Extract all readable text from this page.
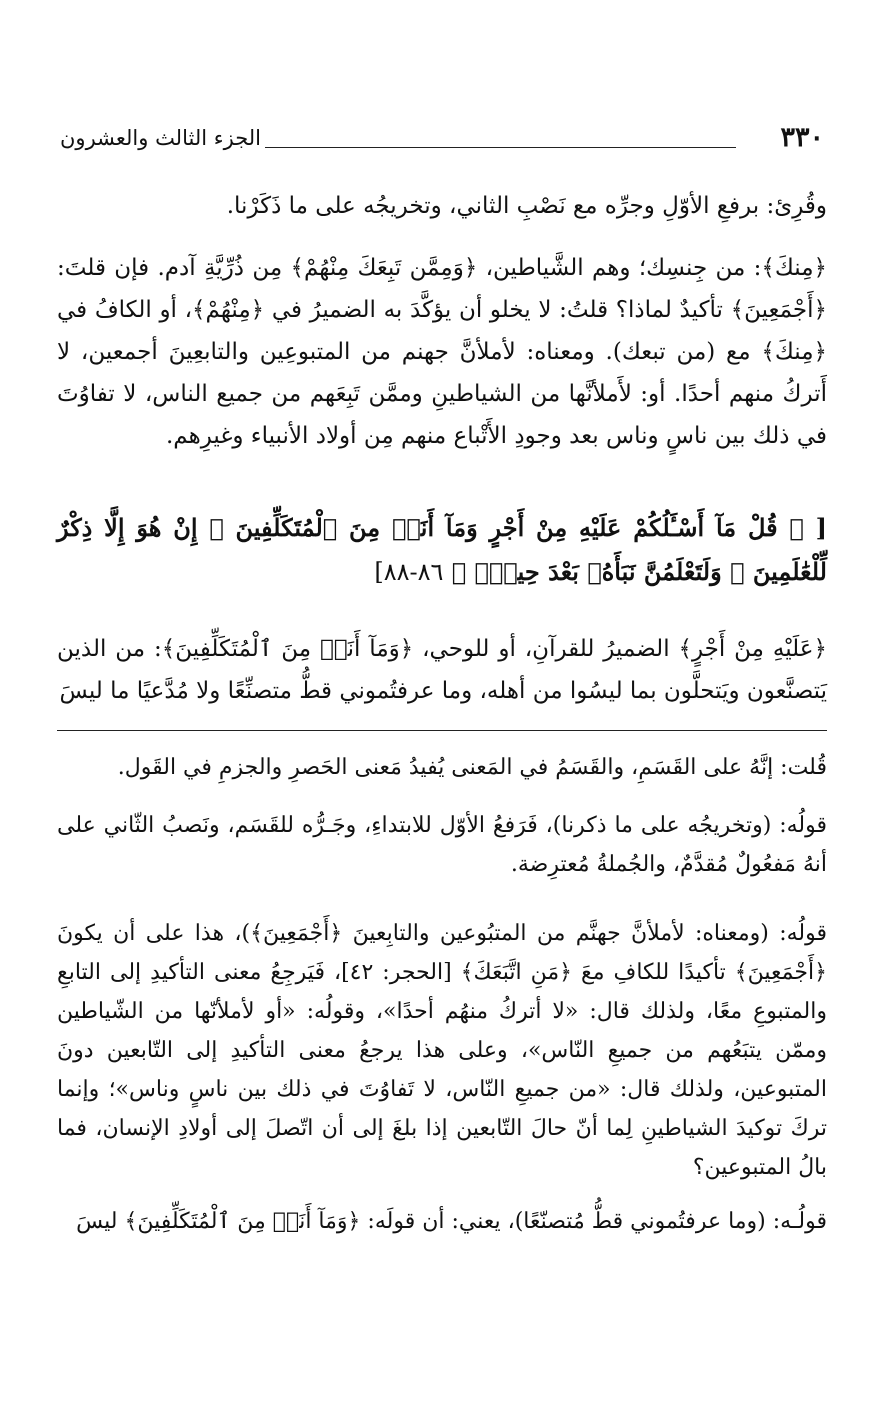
٣٣٠
الجزء الثالث والعشرون
وقُرِئ: برفعِ الأوّلِ وجرِّه مع نَصْبِ الثاني، وتخريجُه على ما ذَكَرْنا.
﴿مِنكَ﴾: من جِنسِك؛ وهم الشَّياطين، ﴿وَمِمَّن تَبِعَكَ مِنْهُمْ﴾ مِن ذُرِّيَّةِ آدم. فإن قلتَ: ﴿أَجْمَعِينَ﴾ تأكيدٌ لماذا؟ قلتُ: لا يخلو أن يؤكَّدَ به الضميرُ في ﴿مِنْهُمْ﴾، أو الكافُ في ﴿مِنكَ﴾ مع (من تبعك). ومعناه: لأملأنَّ جهنم من المتبوعِين والتابعِينَ أجمعين، لا أَتركُ منهم أحدًا. أو: لأَملأنَّها من الشياطينِ وممَّن تَبِعَهم من جميع الناس، لا تفاوُتَ في ذلك بين ناسٍ وناس بعد وجودِ الأَتْباع منهم مِن أولاد الأنبياء وغيرِهم.
[ ﴿ قُلْ مَآ أَسْـَٔلُكُمْ عَلَيْهِ مِنْ أَجْرٍ وَمَآ أَنَا۠ مِنَ ٱلْمُتَكَلِّفِينَ ۞ إِنْ هُوَ إِلَّا ذِكْرٌ لِّلْعَٰلَمِينَ ۞ وَلَتَعْلَمُنَّ نَبَأَهُۥ بَعْدَ حِينٍۭ ﴾ ٨٦-٨٨]
﴿عَلَيْهِ مِنْ أَجْرٍ﴾ الضميرُ للقرآنِ، أو للوحي، ﴿وَمَآ أَنَا۠ مِنَ ٱلْمُتَكَلِّفِينَ﴾: من الذين يَتصنَّعون ويَتحلَّون بما ليسُوا من أهله، وما عرفتُموني قطُّ متصنِّعًا ولا مُدَّعيًا ما ليسَ
قُلت: إنَّهُ على القَسَمِ، والقَسَمُ في المَعنى يُفيدُ مَعنى الحَصرِ والجزمِ في القَول.
قولُه: (وتخريجُه على ما ذكرنا)، فَرَفعُ الأوّل للابتداءِ، وجَـرُّه للقَسَم، ونَصبُ الثّاني على أنهُ مَفعُولٌ مُقدَّمٌ، والجُملةُ مُعترِضة.
قولُه: (ومعناه: لأملأنَّ جهنَّم من المتبُوعين والتابِعينَ ﴿أَجْمَعِينَ﴾)، هذا على أن يكونَ ﴿أَجْمَعِينَ﴾ تأكيدًا للكافِ معَ ﴿مَنِ اتَّبَعَكَ﴾ [الحجر: ٤٢]، فَيَرجِعُ معنى التأكيدِ إلى التابعِ والمتبوعِ معًا، ولذلك قال: «لا أتركُ منهُم أحدًا»، وقولُه: «أو لأملأنّها من الشّياطين وممّن يتبَعُهم من جميعِ النّاس»، وعلى هذا يرجعُ معنى التأكيدِ إلى التّابعين دونَ المتبوعين، ولذلك قال: «من جميعِ النّاس، لا تَفاوُتَ في ذلك بين ناسٍ وناس»؛ وإنما تركَ توكيدَ الشياطينِ لِما أنّ حالَ التّابعين إذا بلغَ إلى أن اتّصلَ إلى أولادِ الإنسان، فما بالُ المتبوعين؟
قولُـه: (وما عرفتُموني قطُّ مُتصنّعًا)، يعني: أن قولَه: ﴿وَمَآ أَنَا۠ مِنَ ٱلْمُتَكَلِّفِينَ﴾ ليسَ
